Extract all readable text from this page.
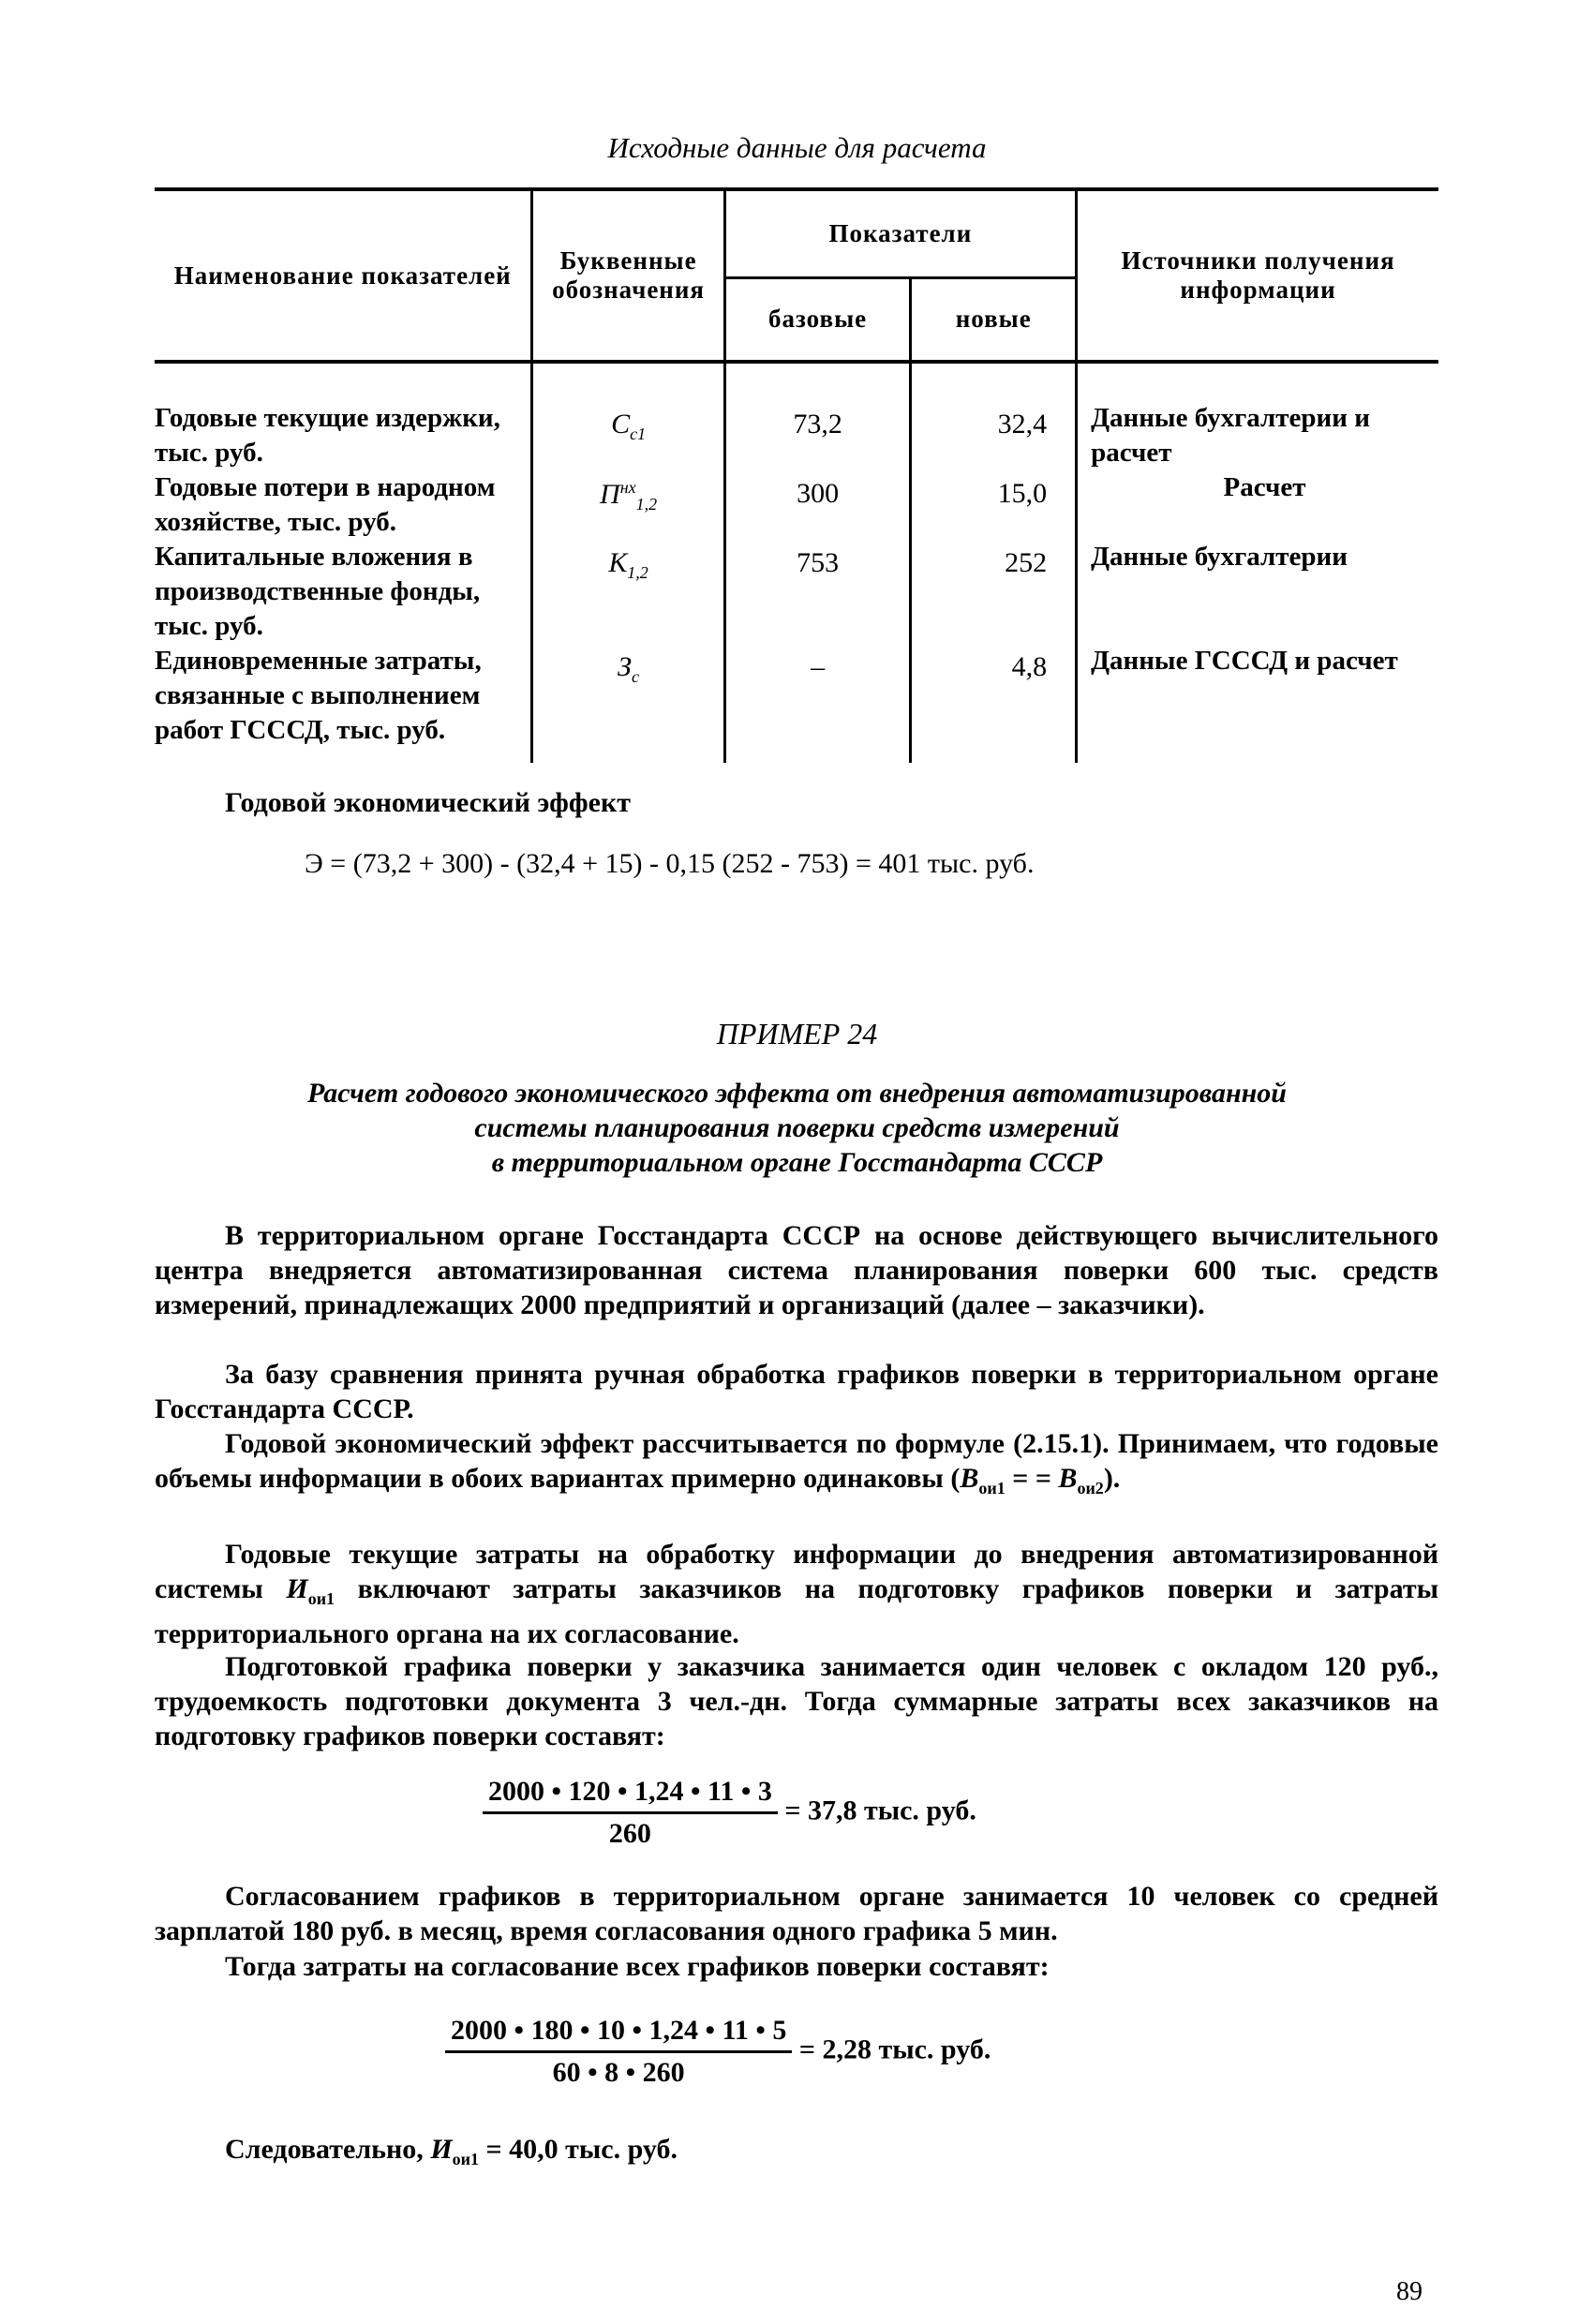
Исходные данные для расчета
Наименование показателей	Буквенные обозначения	Показатели		Источники получения информации
		базовые	новые	
Годовые текущие издержки, тыс. руб.	$С_{с1}$	73,2	32,4	Данные бухгалтерии и расчет
Годовые потери в народном хозяйстве, тыс. руб.	$П^{нх}_{1,2}$	300	15,0	Расчет
Капитальные вложения в производственные фонды, тыс. руб.	$К_{1,2}$	753	252	Данные бухгалтерии
Единовременные затраты, связанные с выполнением работ ГСССД, тыс. руб.	$З_с$	–	4,8	Данные ГСССД и расчет
Годовой экономический эффект
Э = (73,2 + 300) - (32,4 + 15) - 0,15 (252 - 753) = 401 тыс. руб.
ПРИМЕР 24
Расчет годового экономического эффекта от внедрения автоматизированной
системы планирования поверки средств измерений
в территориальном органе Госстандарта СССР
В территориальном органе Госстандарта СССР на основе действующего вычислительного центра внедряется автоматизированная система планирования поверки 600 тыс. средств измерений, принадлежащих 2000 предприятий и организаций (далее – заказчики).
За базу сравнения принята ручная обработка графиков поверки в территориальном органе Госстандарта СССР.
Годовой экономический эффект рассчитывается по формуле (2.15.1). Принимаем, что годовые объемы информации в обоих вариантах примерно одинаковы ($В_{ои1}$ = = $В_{ои2}$).
Годовые текущие затраты на обработку информации до внедрения автоматизированной системы $И_{ои1}$ включают затраты заказчиков на подготовку графиков поверки и затраты территориального органа на их согласование.
Подготовкой графика поверки у заказчика занимается один человек с окладом 120 руб., трудоемкость подготовки документа 3 чел.-дн. Тогда суммарные затраты всех заказчиков на подготовку графиков поверки составят:
$\frac{2000 • 120 • 1,24 • 11 • 3}{260} = 37,8$ тыс. руб.
Согласованием графиков в территориальном органе занимается 10 человек со средней зарплатой 180 руб. в месяц, время согласования одного графика 5 мин.
Тогда затраты на согласование всех графиков поверки составят:
$\frac{2000 • 180 • 10 • 1,24 • 11 • 5}{60 • 8 • 260} = 2,28$ тыс. руб.
Следовательно, $И_{ои1} = 40,0$ тыс. руб.
89
